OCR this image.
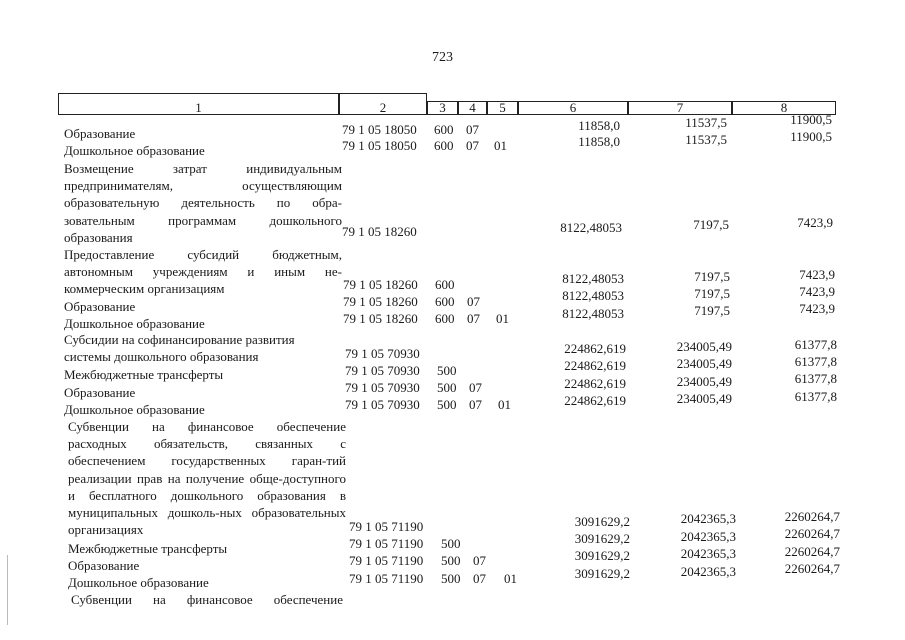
723
1	2	3	4	5	6	7	8
Образование	79 1 05 18050	600 07	11858,0	11537,5	11900,5
Дошкольное образование	79 1 05 18050	600 07	01	11858,0	11537,5	11900,5
Возмещение затрат индивидуальным предпринимателям, осуществляющим образовательную деятельность по обра-зовательным программам дошкольного образования	79 1 05 18260	8122,48053	7197,5	7423,9
Предоставление субсидий бюджетным, автономным учреждениям и иным не-коммерческим организациям	79 1 05 18260	600	8122,48053	7197,5	7423,9
Образование	79 1 05 18260	600 07	8122,48053	7197,5	7423,9
Дошкольное образование	79 1 05 18260	600 07	01	8122,48053	7197,5	7423,9
Субсидии на софинансирование развития системы дошкольного образования	79 1 05 70930	224862,619	234005,49	61377,8
Межбюджетные трансферты	79 1 05 70930	500	224862,619	234005,49	61377,8
Образование	79 1 05 70930	500 07	224862,619	234005,49	61377,8
Дошкольное образование	79 1 05 70930	500 07	01	224862,619	234005,49	61377,8
Субвенции на финансовое обеспечение расходных обязательств, связанных с обеспечением государственных гаран-тий реализации прав на получение обще-доступного и бесплатного дошкольного образования в муниципальных дошколь-ных образовательных организациях	79 1 05 71190	3091629,2	2042365,3	2260264,7
Межбюджетные трансферты	79 1 05 71190	500	3091629,2	2042365,3	2260264,7
Образование	79 1 05 71190	500 07	3091629,2	2042365,3	2260264,7
Дошкольное образование	79 1 05 71190	500 07	01	3091629,2	2042365,3	2260264,7
Субвенции на финансовое обеспечение
